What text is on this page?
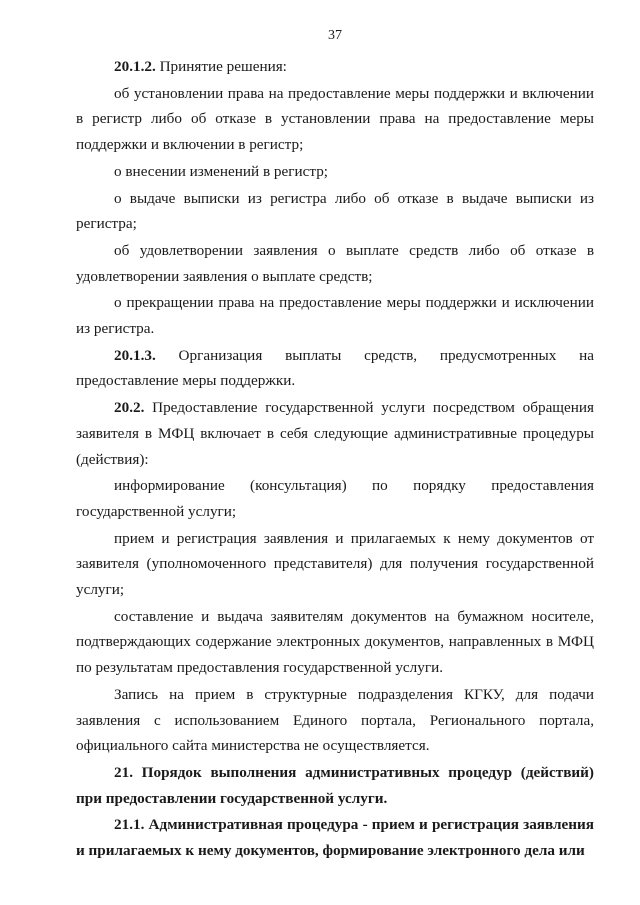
37

20.1.2. Принятие решения:

об установлении права на предоставление меры поддержки и включении в регистр либо об отказе в установлении права на предоставление меры поддержки и включении в регистр;

о внесении изменений в регистр;

о выдаче выписки из регистра либо об отказе в выдаче выписки из регистра;

об удовлетворении заявления о выплате средств либо об отказе в удовлетворении заявления о выплате средств;

о прекращении права на предоставление меры поддержки и исключении из регистра.

20.1.3. Организация выплаты средств, предусмотренных на предоставление меры поддержки.

20.2. Предоставление государственной услуги посредством обращения заявителя в МФЦ включает в себя следующие административные процедуры (действия):

информирование (консультация) по порядку предоставления государственной услуги;

прием и регистрация заявления и прилагаемых к нему документов от заявителя (уполномоченного представителя) для получения государственной услуги;

составление и выдача заявителям документов на бумажном носителе, подтверждающих содержание электронных документов, направленных в МФЦ по результатам предоставления государственной услуги.

Запись на прием в структурные подразделения КГКУ, для подачи заявления с использованием Единого портала, Регионального портала, официального сайта министерства не осуществляется.

21. Порядок выполнения административных процедур (действий) при предоставлении государственной услуги.

21.1. Административная процедура - прием и регистрация заявления и прилагаемых к нему документов, формирование электронного дела или
